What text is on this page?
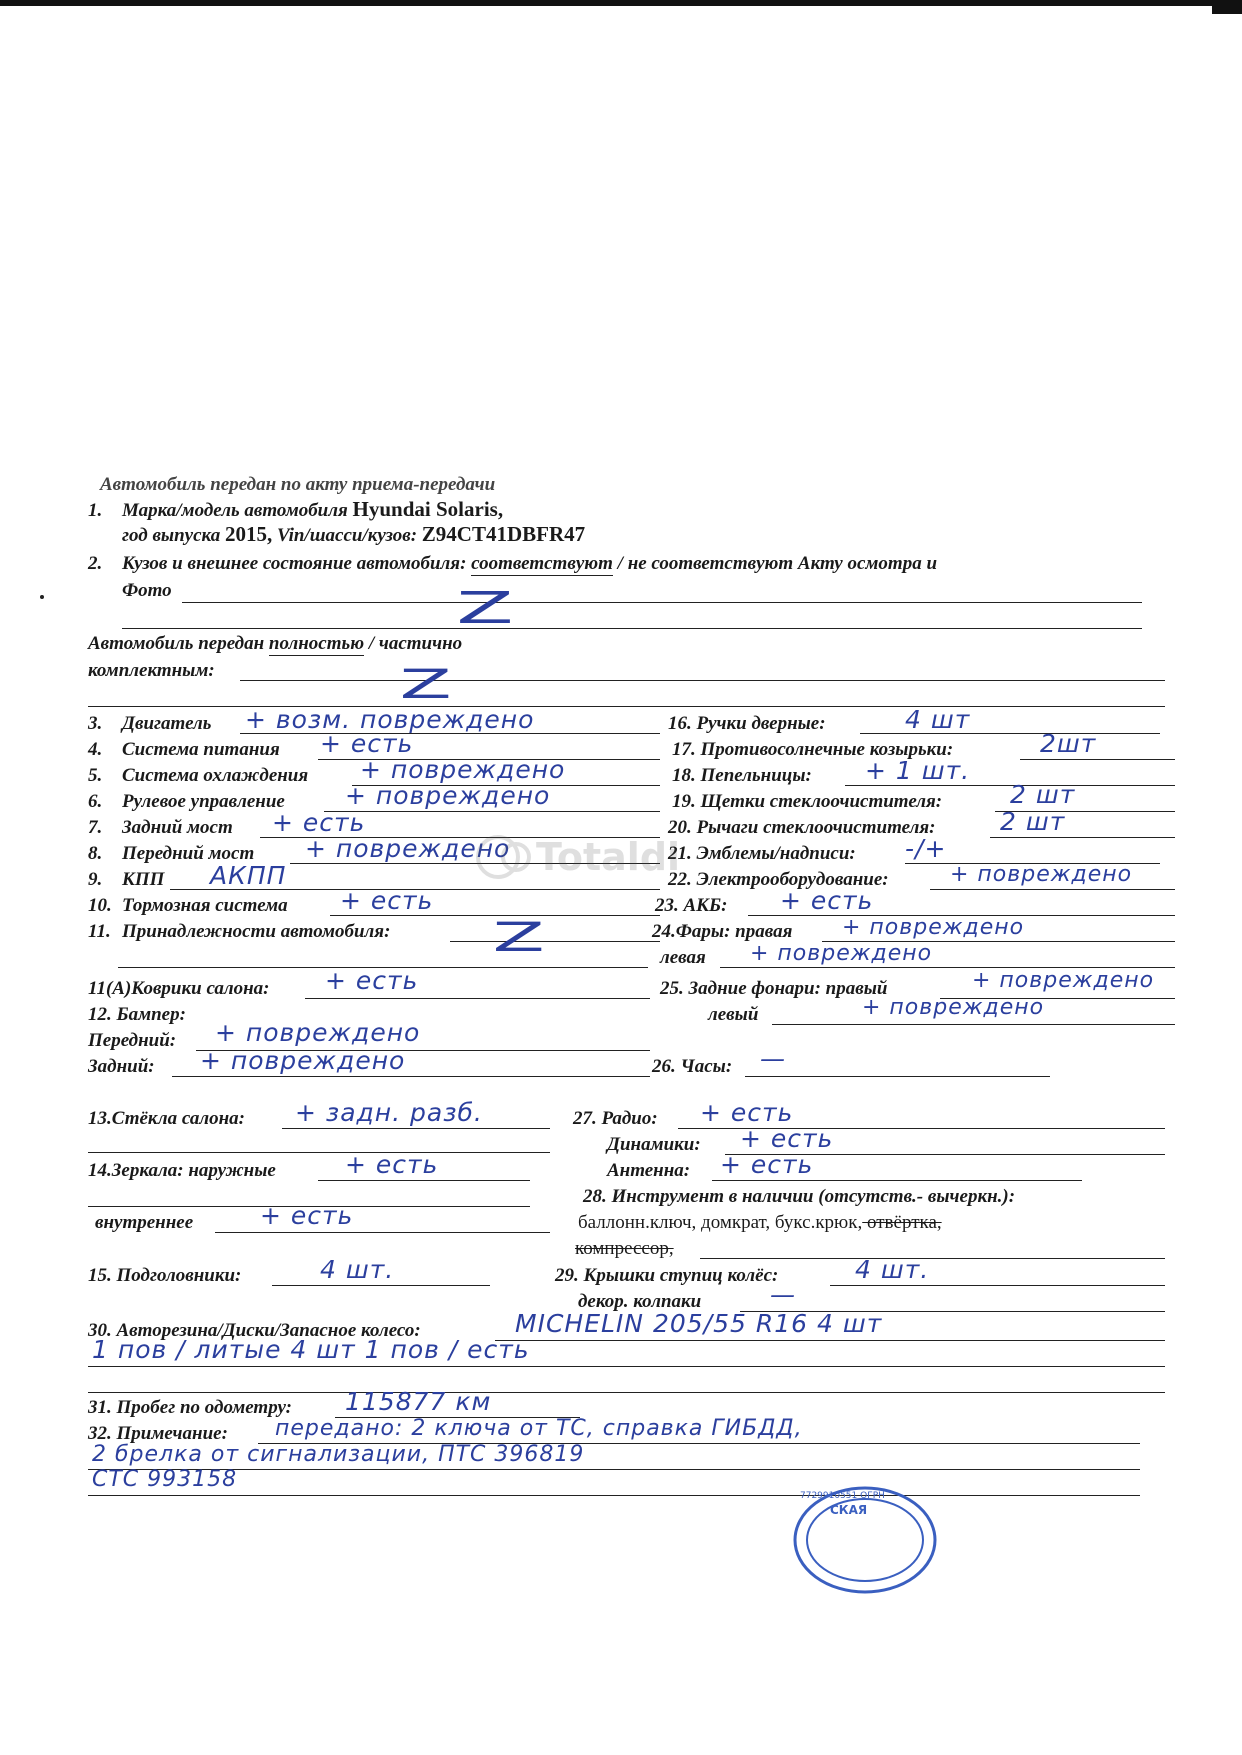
Автомобиль передан по акту приема-передачи
1. Марка/модель автомобиля Hyundai Solaris,
год выпуска 2015, Vin/шасси/кузов: Z94CT41DBFR47
2. Кузов и внешнее состояние автомобиля: соответствуют / не соответствуют Акту осмотра и
Фото	Z
Автомобиль передан полностью / частично
комплектным:	Z
3. Двигатель + возм. повреждено
4. Система питания + есть
5. Система охлаждения + повреждено
6. Рулевое управление + повреждено
7. Задний мост + есть
8. Передний мост + повреждено
9. КПП АКПП
10. Тормозная система + есть
11. Принадлежности автомобиля:	Z
11(А)Коврики салона: + есть
12. Бампер:
Передний: + повреждено
Задний: + поврежденo
13.Стёкла салона: + задн. разб.
14.Зеркала: наружные	+ есть
внутреннее	+ есть
15. Подголовники:	4 шт.
16. Ручки дверные:	4 шт
17. Противосолнечные козырьки:	2шт
18. Пепельницы: + 1 шт.
19. Щетки стеклоочистителя:	2 шт
20. Рычаги стеклоочистителя:	2 шт
21. Эмблемы/надписи: -/+
22. Электрооборудование:	+ повреждено
23. АКБ: + есть
24.Фары: правая + повреждено
левая + повреждено
25. Задние фонари: правый	+ повреждено
левый	+ повреждено
26. Часы: —
27. Радио: + есть
Динамики: + есть
Антенна: + есть
28. Инструмент в наличии (отсутств.- вычеркн.):
баллонн.ключ, домкрат, букс.крюк, отвёртка,
компрессор,
29. Крышки ступиц колёс:	4 шт.
декор. колпаки	—
30. Авторезина/Диски/Запасное колесо:	MICHELIN 205/55 R16 4 шт
1 пов / литые 4 шт 1 пов / есть
31. Пробег по одометру: 115877 км
32. Примечание: передано: 2 ключа от ТС, справка ГИБДД,
2 брелка от сигнализации, ПТС 396819
СТС 993158
Totaldi
7729910551 ОГРН
СКАЯ
